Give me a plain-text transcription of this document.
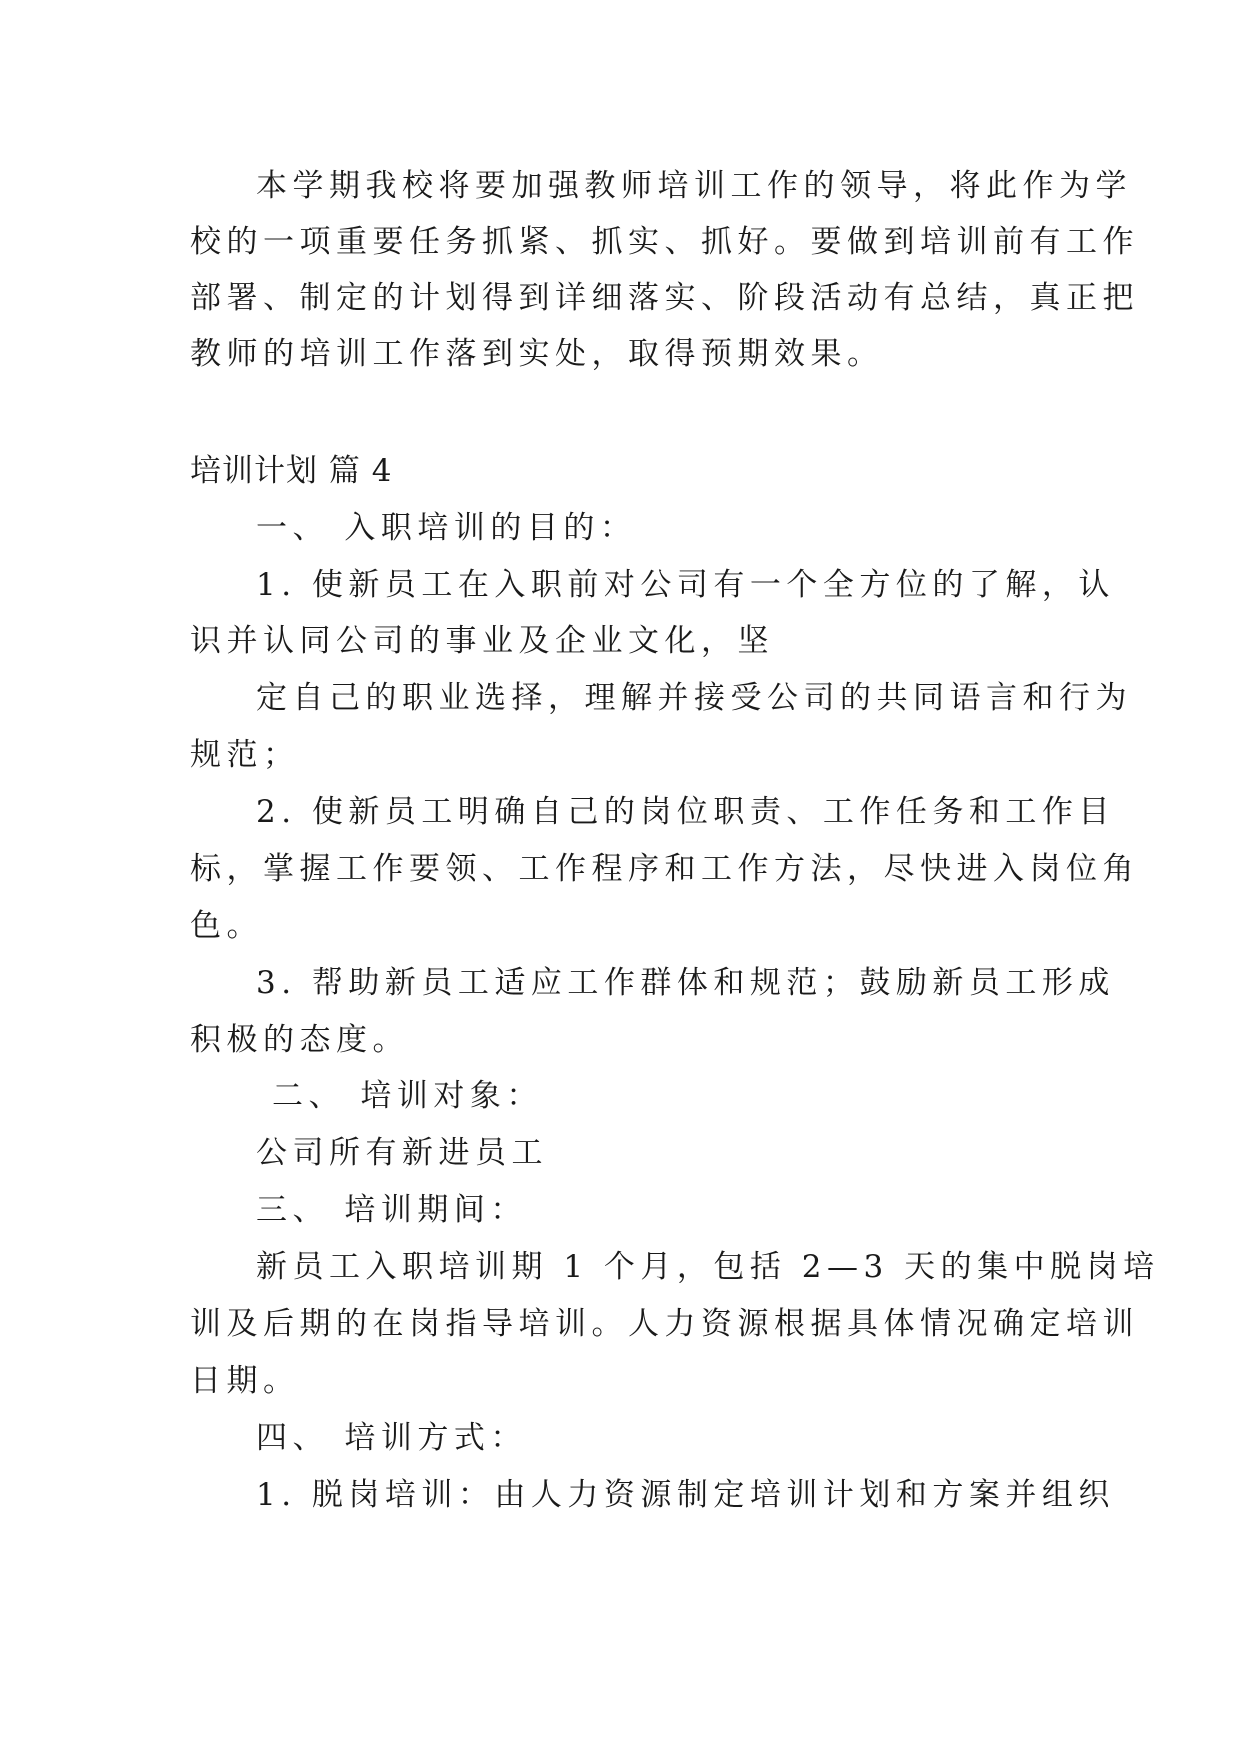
本学期我校将要加强教师培训工作的领导，将此作为学
校的一项重要任务抓紧、抓实、抓好。要做到培训前有工作
部署、制定的计划得到详细落实、阶段活动有总结，真正把
教师的培训工作落到实处，取得预期效果。
培训计划 篇 4
一、 入职培训的目的：
1. 使新员工在入职前对公司有一个全方位的了解，认
识并认同公司的事业及企业文化，坚
定自己的职业选择，理解并接受公司的共同语言和行为
规范；
2. 使新员工明确自己的岗位职责、工作任务和工作目
标，掌握工作要领、工作程序和工作方法，尽快进入岗位角
色。
3. 帮助新员工适应工作群体和规范；鼓励新员工形成
积极的态度。
二、 培训对象：
公司所有新进员工
三、 培训期间：
新员工入职培训期 1 个月，包括 2—3 天的集中脱岗培
训及后期的在岗指导培训。人力资源根据具体情况确定培训
日期。
四、 培训方式：
1. 脱岗培训：由人力资源制定培训计划和方案并组织
